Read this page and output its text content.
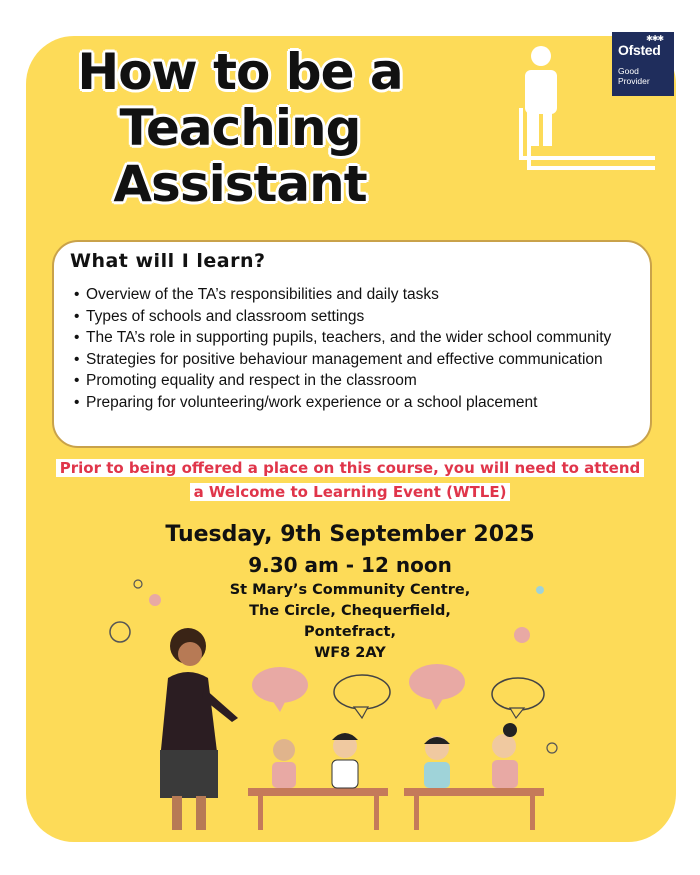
How to be a
Teaching
Assistant
✱✱✱
Ofsted
Good
Provider
What will I learn?
• Overview of the TA’s responsibilities and daily tasks
• Types of schools and classroom settings
• The TA’s role in supporting pupils, teachers, and the wider school community
• Strategies for positive behaviour management and effective communication
• Promoting equality and respect in the classroom
• Preparing for volunteering/work experience or a school placement
Prior to being offered a place on this course, you will need to attend
a Welcome to Learning Event (WTLE)
Tuesday, 9th September 2025
9.30 am - 12 noon
St Mary’s Community Centre,
The Circle, Chequerfield,
Pontefract,
WF8 2AY
